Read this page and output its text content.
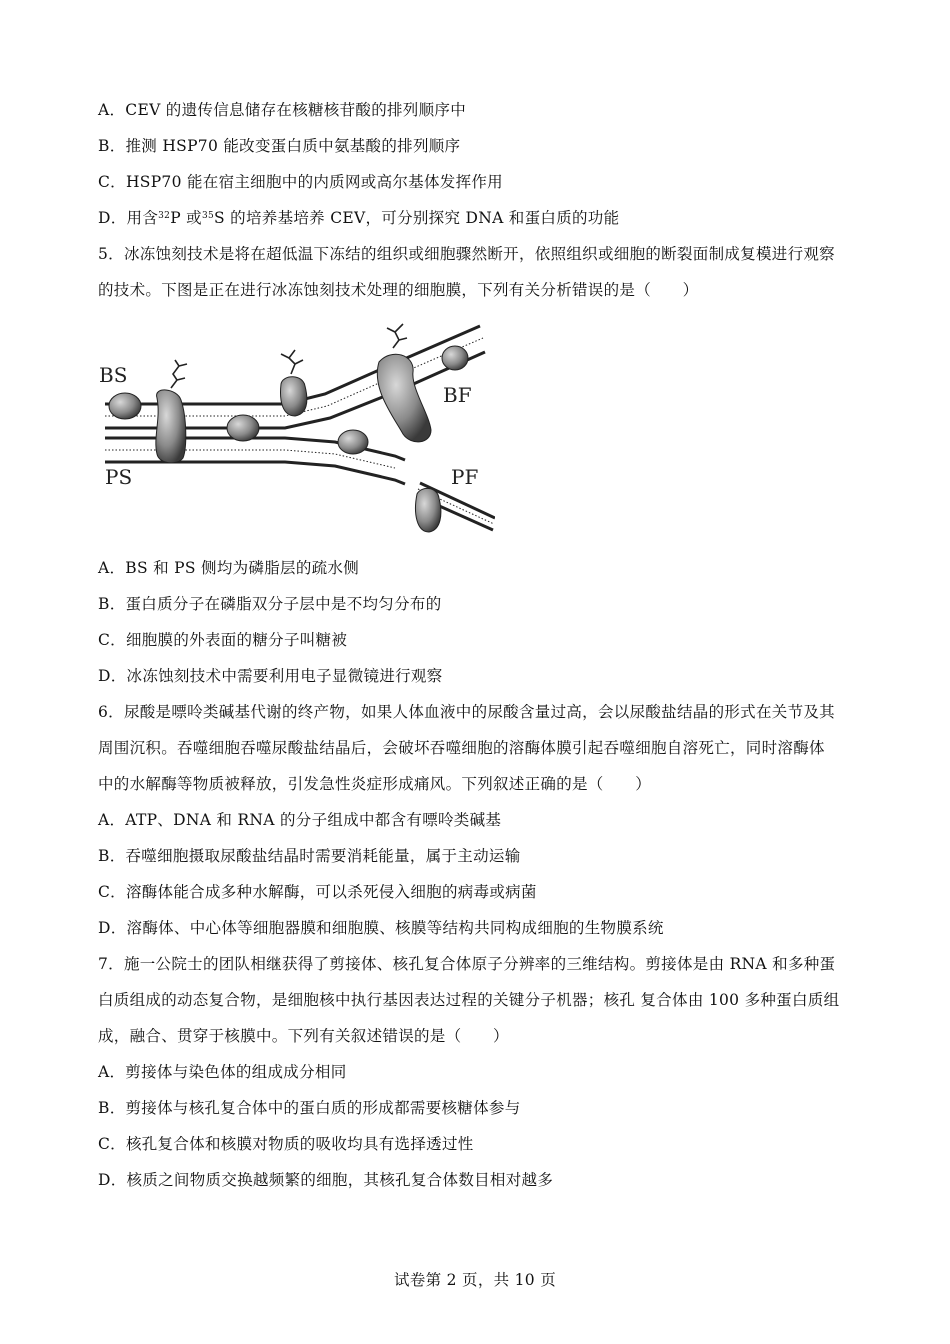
A．CEV 的遗传信息储存在核糖核苷酸的排列顺序中
B．推测 HSP70 能改变蛋白质中氨基酸的排列顺序
C．HSP70 能在宿主细胞中的内质网或高尔基体发挥作用
D．用含$^{32}$P 或$^{35}$S 的培养基培养 CEV，可分别探究 DNA 和蛋白质的功能
5．冰冻蚀刻技术是将在超低温下冻结的组织或细胞骤然断开，依照组织或细胞的断裂面制成复模进行观察
的技术。下图是正在进行冰冻蚀刻技术处理的细胞膜，下列有关分析错误的是（　　）
BS
PS
BF
PF
A．BS 和 PS 侧均为磷脂层的疏水侧
B．蛋白质分子在磷脂双分子层中是不均匀分布的
C．细胞膜的外表面的糖分子叫糖被
D．冰冻蚀刻技术中需要利用电子显微镜进行观察
6．尿酸是嘌呤类碱基代谢的终产物，如果人体血液中的尿酸含量过高，会以尿酸盐结晶的形式在关节及其
周围沉积。吞噬细胞吞噬尿酸盐结晶后，会破坏吞噬细胞的溶酶体膜引起吞噬细胞自溶死亡，同时溶酶体
中的水解酶等物质被释放，引发急性炎症形成痛风。下列叙述正确的是（　　）
A．ATP、DNA 和 RNA 的分子组成中都含有嘌呤类碱基
B．吞噬细胞摄取尿酸盐结晶时需要消耗能量，属于主动运输
C．溶酶体能合成多种水解酶，可以杀死侵入细胞的病毒或病菌
D．溶酶体、中心体等细胞器膜和细胞膜、核膜等结构共同构成细胞的生物膜系统
7．施一公院士的团队相继获得了剪接体、核孔复合体原子分辨率的三维结构。剪接体是由 RNA 和多种蛋
白质组成的动态复合物，是细胞核中执行基因表达过程的关键分子机器；核孔 复合体由 100 多种蛋白质组
成，融合、贯穿于核膜中。下列有关叙述错误的是（　　）
A．剪接体与染色体的组成成分相同
B．剪接体与核孔复合体中的蛋白质的形成都需要核糖体参与
C．核孔复合体和核膜对物质的吸收均具有选择透过性
D．核质之间物质交换越频繁的细胞，其核孔复合体数目相对越多
试卷第 2 页，共 10 页
